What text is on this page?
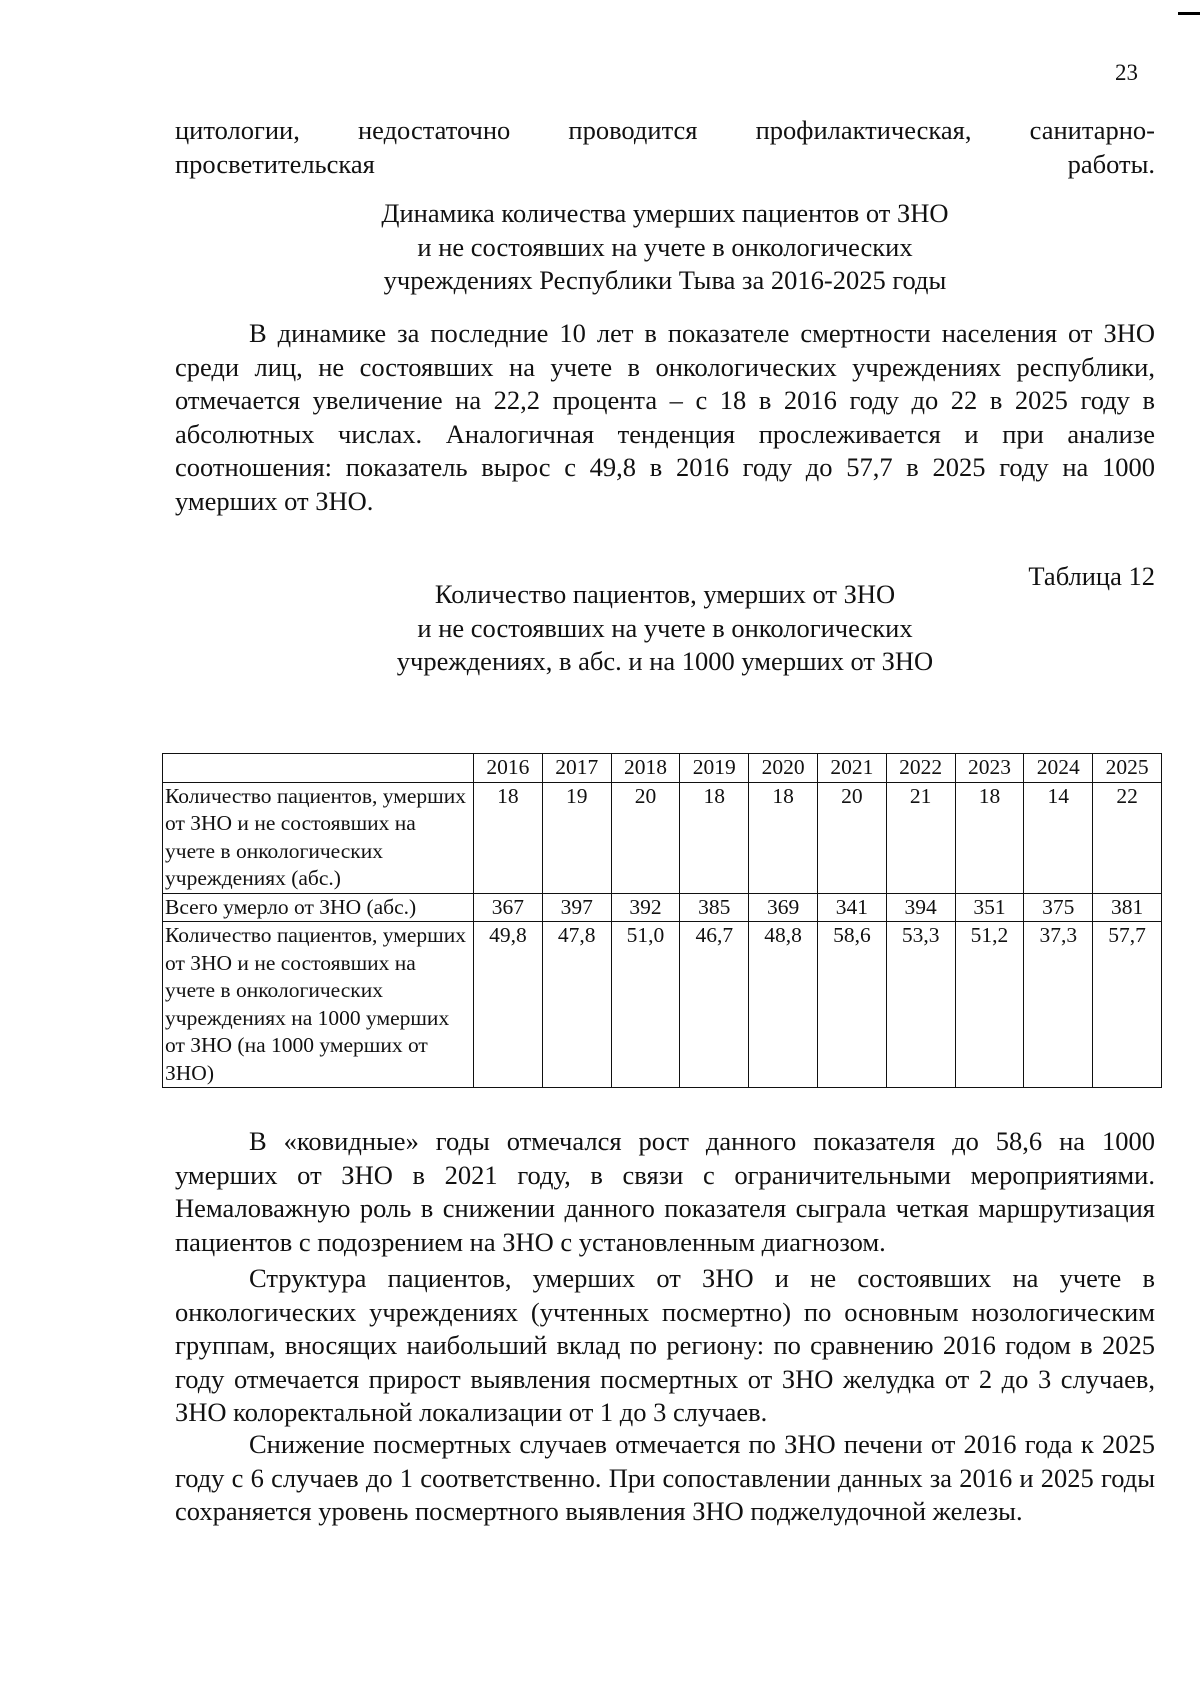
23
цитологии, недостаточно проводится профилактическая, санитарно-
просветительская работы.
Динамика количества умерших пациентов от ЗНО
и не состоявших на учете в онкологических
учреждениях Республики Тыва за 2016-2025 годы

В динамике за последние 10 лет в показателе смертности населения от ЗНО среди лиц, не состоявших на учете в онкологических учреждениях республики, отмечается увеличение на 22,2 процента – с 18 в 2016 году до 22 в 2025 году в абсолютных числах. Аналогичная тенденция прослеживается и при анализе соотношения: показатель вырос с 49,8 в 2016 году до 57,7 в 2025 году на 1000 умерших от ЗНО.

Таблица 12
Количество пациентов, умерших от ЗНО
и не состоявших на учете в онкологических
учреждениях, в абс. и на 1000 умерших от ЗНО
	2016	2017	2018	2019	2020	2021	2022	2023	2024	2025
Количество пациентов, умерших от ЗНО и не состоявших на учете в онкологических учреждениях (абс.)	18	19	20	18	18	20	21	18	14	22
Всего умерло от ЗНО (абс.)	367	397	392	385	369	341	394	351	375	381
Количество пациентов, умерших от ЗНО и не состоявших на учете в онкологических учреждениях на 1000 умерших от ЗНО (на 1000 умерших от ЗНО)	49,8	47,8	51,0	46,7	48,8	58,6	53,3	51,2	37,3	57,7

В «ковидные» годы отмечался рост данного показателя до 58,6 на 1000 умерших от ЗНО в 2021 году, в связи с ограничительными мероприятиями. Немаловажную роль в снижении данного показателя сыграла четкая маршрутизация пациентов с подозрением на ЗНО с установленным диагнозом.

Структура пациентов, умерших от ЗНО и не состоявших на учете в онкологических учреждениях (учтенных посмертно) по основным нозологическим группам, вносящих наибольший вклад по региону: по сравнению 2016 годом в 2025 году отмечается прирост выявления посмертных от ЗНО желудка от 2 до 3 случаев, ЗНО колоректальной локализации от 1 до 3 случаев.

Снижение посмертных случаев отмечается по ЗНО печени от 2016 года к 2025 году с 6 случаев до 1 соответственно. При сопоставлении данных за 2016 и 2025 годы сохраняется уровень посмертного выявления ЗНО поджелудочной железы.
